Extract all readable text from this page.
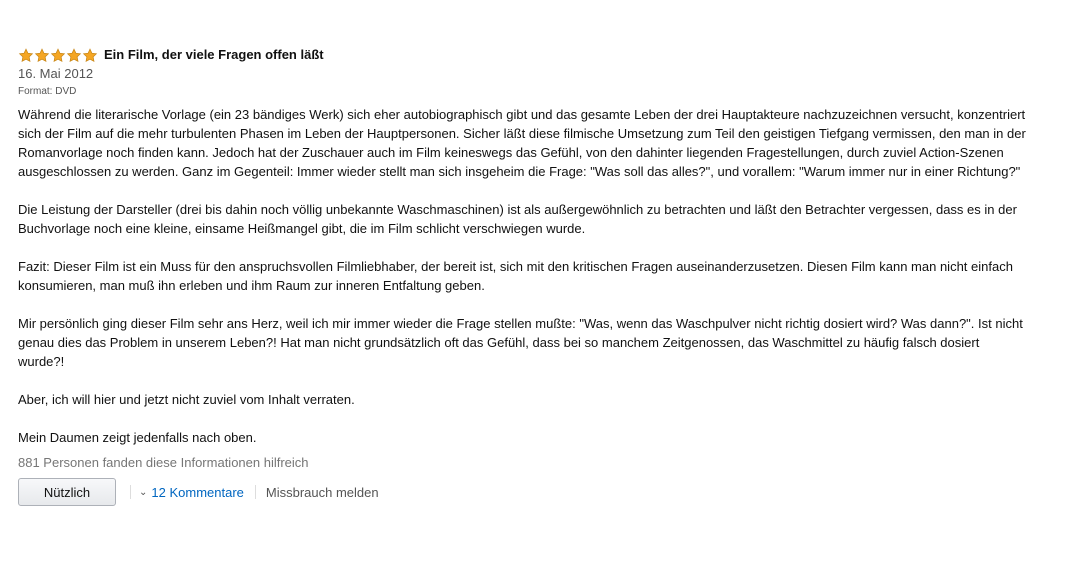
Ein Film, der viele Fragen offen läßt
16. Mai 2012
Format: DVD

Während die literarische Vorlage (ein 23 bändiges Werk) sich eher autobiographisch gibt und das gesamte Leben der drei Hauptakteure nachzuzeichnen versucht, konzentriert sich der Film auf die mehr turbulenten Phasen im Leben der Hauptpersonen. Sicher läßt diese filmische Umsetzung zum Teil den geistigen Tiefgang vermissen, den man in der Romanvorlage noch finden kann. Jedoch hat der Zuschauer auch im Film keineswegs das Gefühl, von den dahinter liegenden Fragestellungen, durch zuviel Action-Szenen ausgeschlossen zu werden. Ganz im Gegenteil: Immer wieder stellt man sich insgeheim die Frage: "Was soll das alles?", und vorallem: "Warum immer nur in einer Richtung?"

Die Leistung der Darsteller (drei bis dahin noch völlig unbekannte Waschmaschinen) ist als außergewöhnlich zu betrachten und läßt den Betrachter vergessen, dass es in der Buchvorlage noch eine kleine, einsame Heißmangel gibt, die im Film schlicht verschwiegen wurde.

Fazit: Dieser Film ist ein Muss für den anspruchsvollen Filmliebhaber, der bereit ist, sich mit den kritischen Fragen auseinanderzusetzen. Diesen Film kann man nicht einfach konsumieren, man muß ihn erleben und ihm Raum zur inneren Entfaltung geben.

Mir persönlich ging dieser Film sehr ans Herz, weil ich mir immer wieder die Frage stellen mußte: "Was, wenn das Waschpulver nicht richtig dosiert wird? Was dann?". Ist nicht genau dies das Problem in unserem Leben?! Hat man nicht grundsätzlich oft das Gefühl, dass bei so manchem Zeitgenossen, das Waschmittel zu häufig falsch dosiert wurde?!

Aber, ich will hier und jetzt nicht zuviel vom Inhalt verraten.

Mein Daumen zeigt jedenfalls nach oben.

881 Personen fanden diese Informationen hilfreich
Nützlich	⌄ 12 Kommentare Missbrauch melden
